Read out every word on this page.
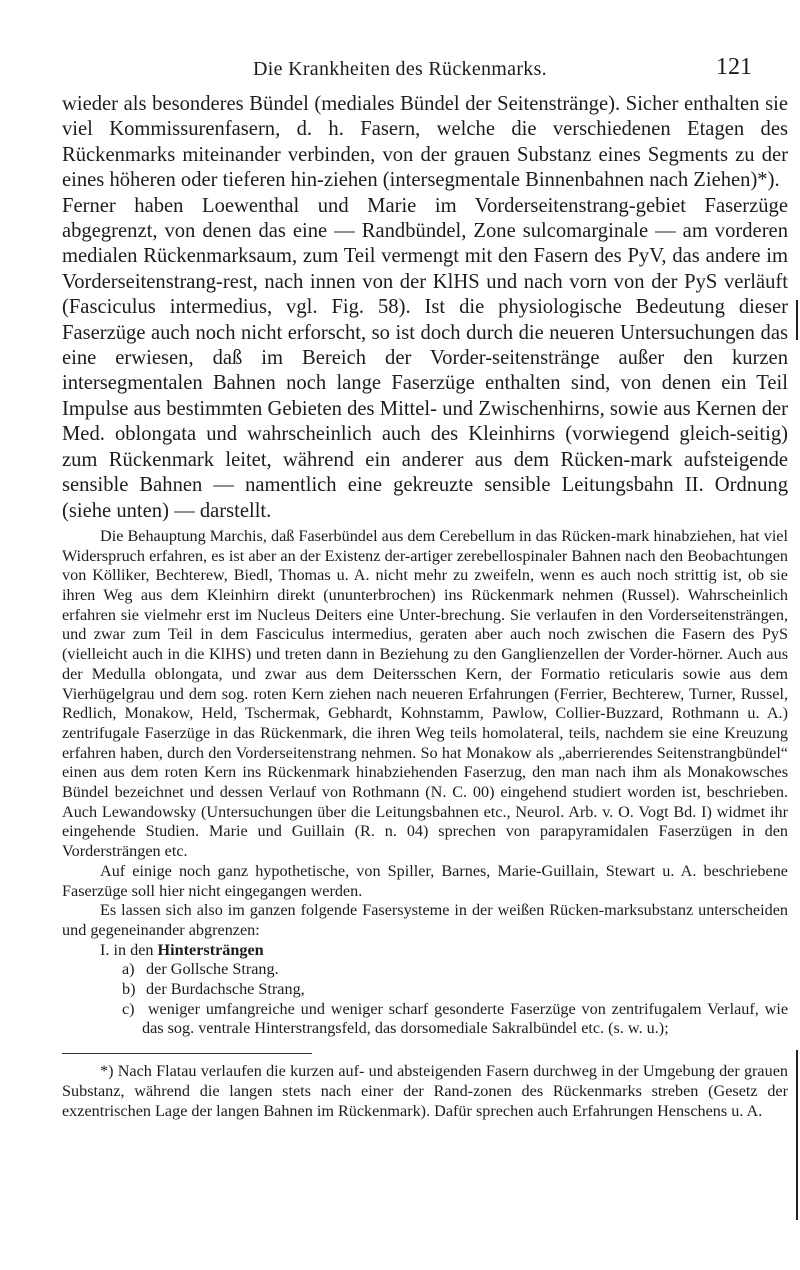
Die Krankheiten des Rückenmarks.	121

wieder als besonderes Bündel (mediales Bündel der Seitenstränge). Sicher enthalten sie viel Kommissurenfasern, d. h. Fasern, welche die verschiedenen Etagen des Rückenmarks miteinander verbinden, von der grauen Substanz eines Segments zu der eines höheren oder tieferen hin-ziehen (intersegmentale Binnenbahnen nach Ziehen)*).

Ferner haben Loewenthal und Marie im Vorderseitenstrang-gebiet Faserzüge abgegrenzt, von denen das eine — Randbündel, Zone sulcomarginale — am vorderen medialen Rückenmarksaum, zum Teil vermengt mit den Fasern des PyV, das andere im Vorderseitenstrang-rest, nach innen von der KlHS und nach vorn von der PyS verläuft (Fasciculus intermedius, vgl. Fig. 58). Ist die physiologische Bedeutung dieser Faserzüge auch noch nicht erforscht, so ist doch durch die neueren Untersuchungen das eine erwiesen, daß im Bereich der Vorder-seitenstränge außer den kurzen intersegmentalen Bahnen noch lange Faserzüge enthalten sind, von denen ein Teil Impulse aus bestimmten Gebieten des Mittel- und Zwischenhirns, sowie aus Kernen der Med. oblongata und wahrscheinlich auch des Kleinhirns (vorwiegend gleich-seitig) zum Rückenmark leitet, während ein anderer aus dem Rücken-mark aufsteigende sensible Bahnen — namentlich eine gekreuzte sensible Leitungsbahn II. Ordnung (siehe unten) — darstellt.

Die Behauptung Marchis, daß Faserbündel aus dem Cerebellum in das Rücken-mark hinabziehen, hat viel Widerspruch erfahren, es ist aber an der Existenz der-artiger zerebellospinaler Bahnen nach den Beobachtungen von Kölliker, Bechterew, Biedl, Thomas u. A. nicht mehr zu zweifeln, wenn es auch noch strittig ist, ob sie ihren Weg aus dem Kleinhirn direkt (ununterbrochen) ins Rückenmark nehmen (Russel). Wahrscheinlich erfahren sie vielmehr erst im Nucleus Deiters eine Unter-brechung. Sie verlaufen in den Vorderseitensträngen, und zwar zum Teil in dem Fasciculus intermedius, geraten aber auch noch zwischen die Fasern des PyS (vielleicht auch in die KlHS) und treten dann in Beziehung zu den Ganglienzellen der Vorder-hörner. Auch aus der Medulla oblongata, und zwar aus dem Deitersschen Kern, der Formatio reticularis sowie aus dem Vierhügelgrau und dem sog. roten Kern ziehen nach neueren Erfahrungen (Ferrier, Bechterew, Turner, Russel, Redlich, Monakow, Held, Tschermak, Gebhardt, Kohnstamm, Pawlow, Collier-Buzzard, Rothmann u. A.) zentrifugale Faserzüge in das Rückenmark, die ihren Weg teils homolateral, teils, nachdem sie eine Kreuzung erfahren haben, durch den Vorderseitenstrang nehmen. So hat Monakow als „aberrierendes Seitenstrangbündel“ einen aus dem roten Kern ins Rückenmark hinabziehenden Faserzug, den man nach ihm als Monakowsches Bündel bezeichnet und dessen Verlauf von Rothmann (N. C. 00) eingehend studiert worden ist, beschrieben. Auch Lewandowsky (Untersuchungen über die Leitungsbahnen etc., Neurol. Arb. v. O. Vogt Bd. I) widmet ihr eingehende Studien. Marie und Guillain (R. n. 04) sprechen von parapyramidalen Faserzügen in den Vordersträngen etc.

Auf einige noch ganz hypothetische, von Spiller, Barnes, Marie-Guillain, Stewart u. A. beschriebene Faserzüge soll hier nicht eingegangen werden.

Es lassen sich also im ganzen folgende Fasersysteme in der weißen Rücken-marksubstanz unterscheiden und gegeneinander abgrenzen:

I. in den Hintersträngen
a) der Gollsche Strang.
b) der Burdachsche Strang,
c) weniger umfangreiche und weniger scharf gesonderte Faserzüge von zentrifugalem Verlauf, wie das sog. ventrale Hinterstrangsfeld, das dorsomediale Sakralbündel etc. (s. w. u.);

*) Nach Flatau verlaufen die kurzen auf- und absteigenden Fasern durchweg in der Umgebung der grauen Substanz, während die langen stets nach einer der Rand-zonen des Rückenmarks streben (Gesetz der exzentrischen Lage der langen Bahnen im Rückenmark). Dafür sprechen auch Erfahrungen Henschens u. A.
